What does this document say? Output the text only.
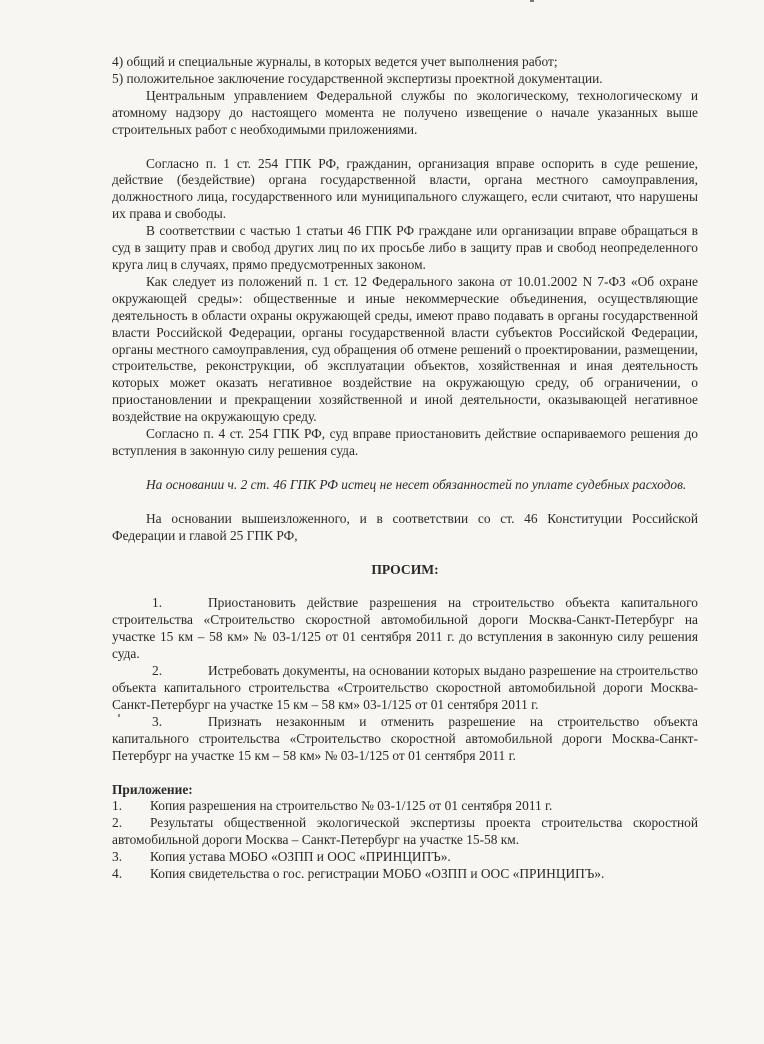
4) общий и специальные журналы, в которых ведется учет выполнения работ;

5) положительное заключение государственной экспертизы проектной документации.

Центральным управлением Федеральной службы по экологическому, технологическому и атомному надзору до настоящего момента не получено извещение о начале указанных выше строительных работ с необходимыми приложениями.

Согласно п. 1 ст. 254 ГПК РФ, гражданин, организация вправе оспорить в суде решение, действие (бездействие) органа государственной власти, органа местного самоуправления, должностного лица, государственного или муниципального служащего, если считают, что нарушены их права и свободы.

В соответствии с частью 1 статьи 46 ГПК РФ граждане или организации вправе обращаться в суд в защиту прав и свобод других лиц по их просьбе либо в защиту прав и свобод неопределенного круга лиц в случаях, прямо предусмотренных законом.

Как следует из положений п. 1 ст. 12 Федерального закона от 10.01.2002 N 7-ФЗ «Об охране окружающей среды»: общественные и иные некоммерческие объединения, осуществляющие деятельность в области охраны окружающей среды, имеют право подавать в органы государственной власти Российской Федерации, органы государственной власти субъектов Российской Федерации, органы местного самоуправления, суд обращения об отмене решений о проектировании, размещении, строительстве, реконструкции, об эксплуатации объектов, хозяйственная и иная деятельность которых может оказать негативное воздействие на окружающую среду, об ограничении, о приостановлении и прекращении хозяйственной и иной деятельности, оказывающей негативное воздействие на окружающую среду.

Согласно п. 4 ст. 254 ГПК РФ, суд вправе приостановить действие оспариваемого решения до вступления в законную силу решения суда.

На основании ч. 2 ст. 46 ГПК РФ истец не несет обязанностей по уплате судебных расходов.

На основании вышеизложенного, и в соответствии со ст. 46 Конституции Российской Федерации и главой 25 ГПК РФ,

ПРОСИМ:

1.	Приостановить действие разрешения на строительство объекта капитального строительства «Строительство скоростной автомобильной дороги Москва-Санкт-Петербург на участке 15 км – 58 км» № 03-1/125 от 01 сентября 2011 г. до вступления в законную силу решения суда.

2.	Истребовать документы, на основании которых выдано разрешение на строительство объекта капитального строительства «Строительство скоростной автомобильной дороги Москва-Санкт-Петербург на участке 15 км – 58 км» 03-1/125 от 01 сентября 2011 г.

3.	Признать незаконным и отменить разрешение на строительство объекта капитального строительства «Строительство скоростной автомобильной дороги Москва-Санкт-Петербург на участке 15 км – 58 км» № 03-1/125 от 01 сентября 2011 г.

Приложение:

1. Копия разрешения на строительство № 03-1/125 от 01 сентября 2011 г.

2. Результаты общественной экологической экспертизы проекта строительства скоростной автомобильной дороги Москва – Санкт-Петербург на участке 15-58 км.

3. Копия устава МОБО «ОЗПП и ООС «ПРИНЦИПЪ».

4. Копия свидетельства о гос. регистрации МОБО «ОЗПП и ООС «ПРИНЦИПЪ».
